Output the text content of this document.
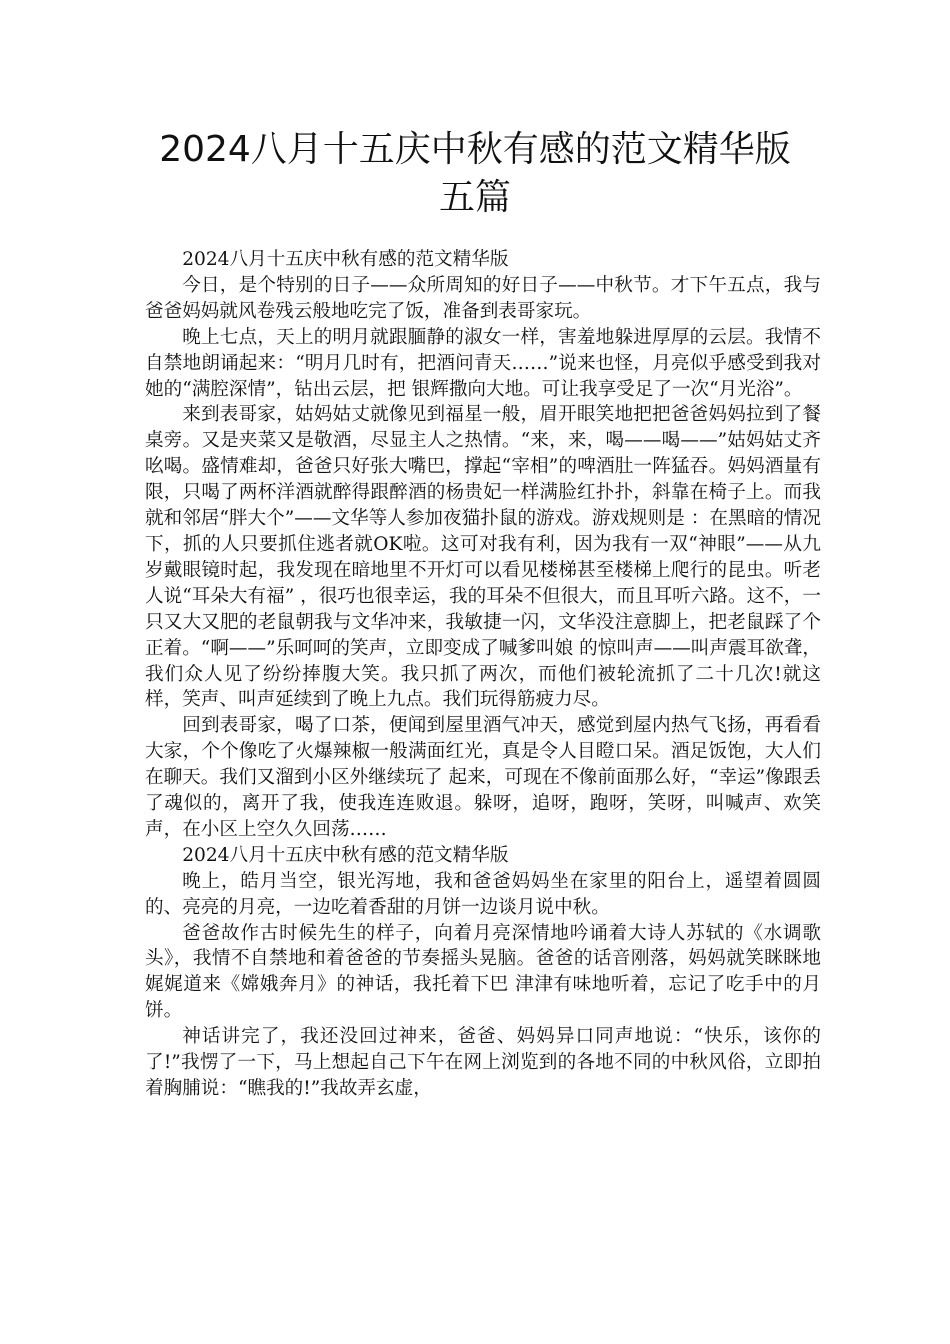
2024八月十五庆中秋有感的范文精华版
五篇

2024八月十五庆中秋有感的范文精华版

今日，是个特别的日子——众所周知的好日子——中秋节。才下午五点，我与爸爸妈妈就风卷残云般地吃完了饭，准备到表哥家玩。

晚上七点，天上的明月就跟腼静的淑女一样，害羞地躲进厚厚的云层。我情不自禁地朗诵起来：“明月几时有，把酒问青天……”说来也怪，月亮似乎感受到我对她的“满腔深情”，钻出云层，把 银辉撒向大地。可让我享受足了一次“月光浴”。

来到表哥家，姑妈姑丈就像见到福星一般，眉开眼笑地把把爸爸妈妈拉到了餐桌旁。又是夹菜又是敬酒，尽显主人之热情。“来，来，喝——喝——”姑妈姑丈齐吆喝。盛情难却，爸爸只好张大嘴巴，撑起“宰相”的啤酒肚一阵猛吞。妈妈酒量有限，只喝了两杯洋酒就醉得跟醉酒的杨贵妃一样满脸红扑扑，斜靠在椅子上。而我就和邻居“胖大个”——文华等人参加夜猫扑鼠的游戏。游戏规则是 ：在黑暗的情况下，抓的人只要抓住逃者就OK啦。这可对我有利，因为我有一双“神眼”——从九岁戴眼镜时起，我发现在暗地里不开灯可以看见楼梯甚至楼梯上爬行的昆虫。听老人说“耳朵大有福” ，很巧也很幸运，我的耳朵不但很大，而且耳听六路。这不，一只又大又肥的老鼠朝我与文华冲来，我敏捷一闪，文华没注意脚上，把老鼠踩了个正着。“啊——”乐呵呵的笑声，立即变成了喊爹叫娘 的惊叫声——叫声震耳欲聋，我们众人见了纷纷捧腹大笑。我只抓了两次，而他们被轮流抓了二十几次!就这样，笑声、叫声延续到了晚上九点。我们玩得筋疲力尽。

回到表哥家，喝了口茶，便闻到屋里酒气冲天，感觉到屋内热气飞扬，再看看大家，个个像吃了火爆辣椒一般满面红光，真是令人目瞪口呆。酒足饭饱，大人们在聊天。我们又溜到小区外继续玩了 起来，可现在不像前面那么好，“幸运”像跟丢了魂似的，离开了我，使我连连败退。躲呀，追呀，跑呀，笑呀，叫喊声、欢笑声，在小区上空久久回荡……

2024八月十五庆中秋有感的范文精华版

晚上，皓月当空，银光泻地，我和爸爸妈妈坐在家里的阳台上，遥望着圆圆的、亮亮的月亮，一边吃着香甜的月饼一边谈月说中秋。

爸爸故作古时候先生的样子，向着月亮深情地吟诵着大诗人苏轼的《水调歌头》，我情不自禁地和着爸爸的节奏摇头晃脑。爸爸的话音刚落，妈妈就笑眯眯地娓娓道来《嫦娥奔月》的神话，我托着下巴 津津有味地听着，忘记了吃手中的月饼。

神话讲完了，我还没回过神来，爸爸、妈妈异口同声地说：“快乐，该你的了!”我愣了一下，马上想起自己下午在网上浏览到的各地不同的中秋风俗，立即拍着胸脯说：“瞧我的!”我故弄玄虚，
